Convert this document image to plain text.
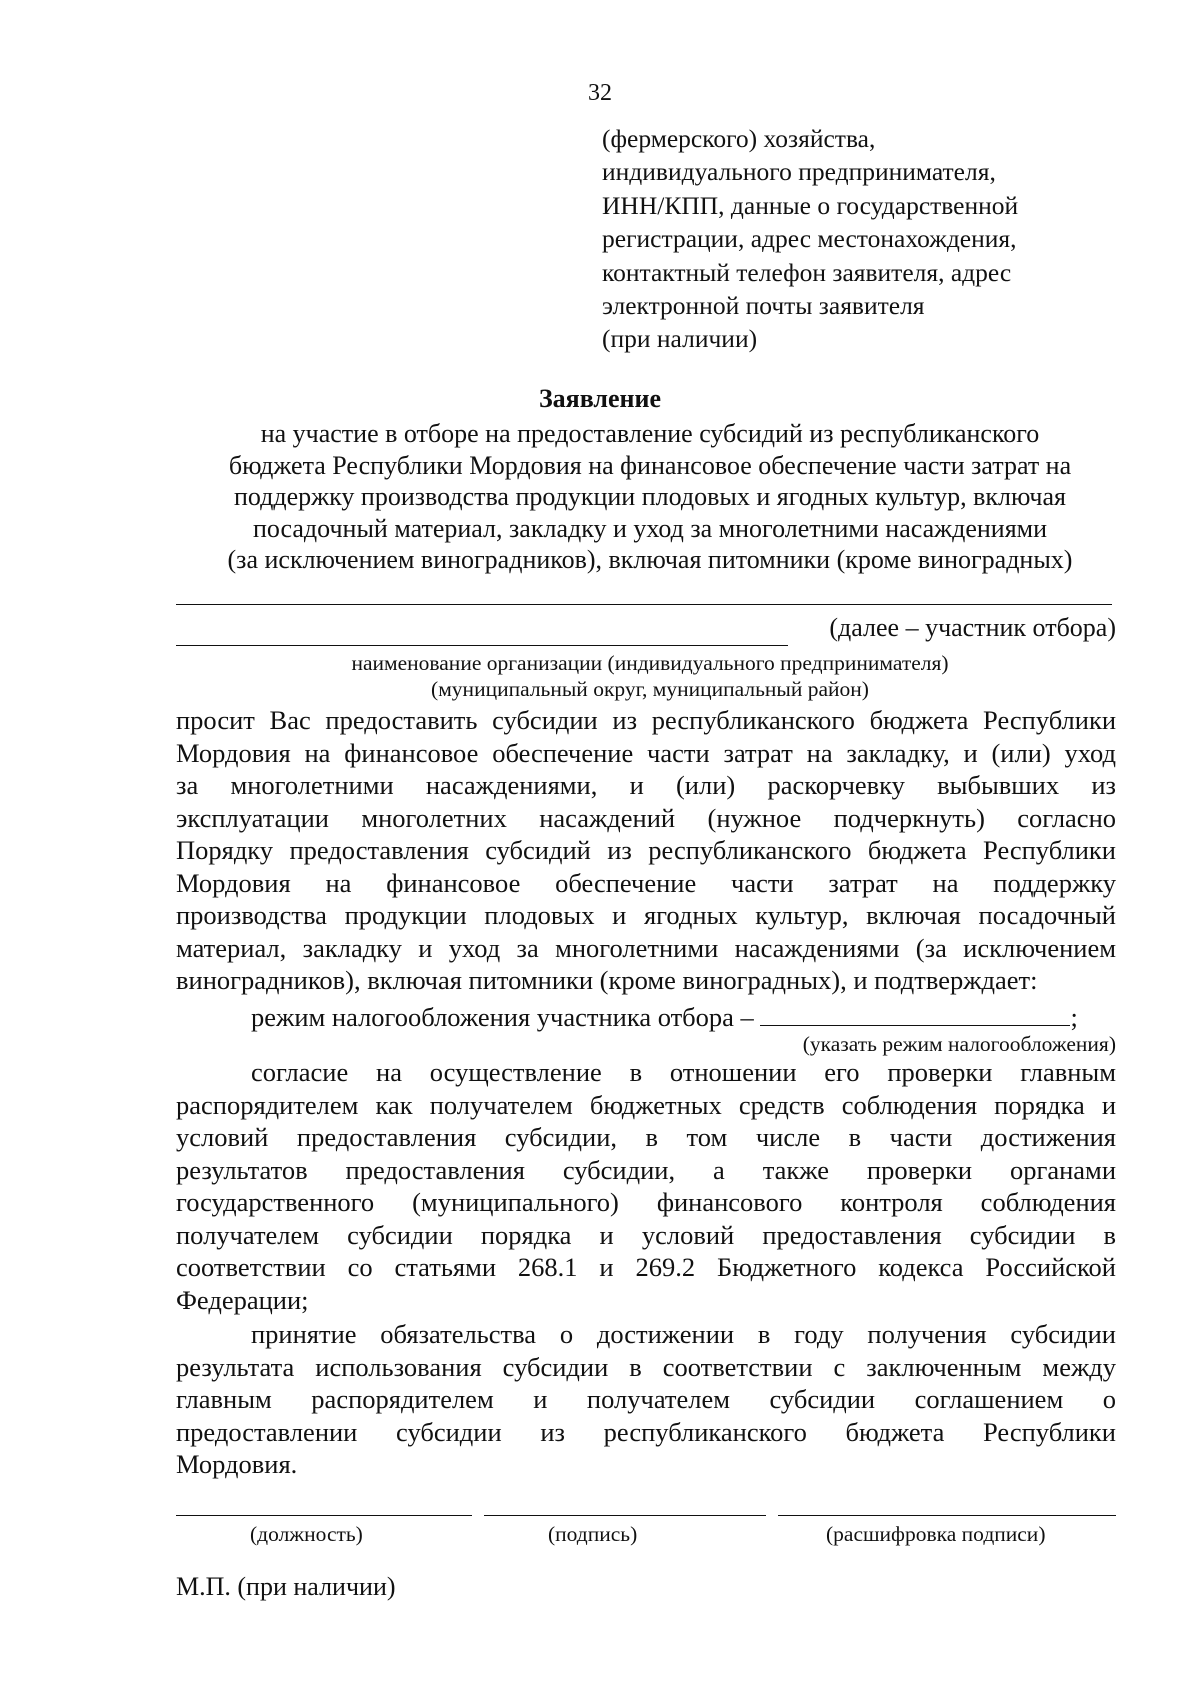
32
(фермерского) хозяйства,
индивидуального предпринимателя,
ИНН/КПП, данные о государственной
регистрации, адрес местонахождения,
контактный телефон заявителя, адрес
электронной почты заявителя
(при наличии)
Заявление
на участие в отборе на предоставление субсидий из республиканского
бюджета Республики Мордовия на финансовое обеспечение части затрат на
поддержку производства продукции плодовых и ягодных культур, включая
посадочный материал, закладку и уход за многолетними насаждениями
(за исключением виноградников), включая питомники (кроме виноградных)
(далее – участник отбора)
наименование организации (индивидуального предпринимателя)
(муниципальный округ, муниципальный район)
просит Вас предоставить субсидии из республиканского бюджета Республики
Мордовия на финансовое обеспечение части затрат на закладку, и (или) уход
за многолетними насаждениями, и (или) раскорчевку выбывших из
эксплуатации многолетних насаждений (нужное подчеркнуть) согласно
Порядку предоставления субсидий из республиканского бюджета Республики
Мордовия на финансовое обеспечение части затрат на поддержку
производства продукции плодовых и ягодных культур, включая посадочный
материал, закладку и уход за многолетними насаждениями (за исключением
виноградников), включая питомники (кроме виноградных), и подтверждает:
режим налогообложения участника отбора –	;
(указать режим налогообложения)
согласие на осуществление в отношении его проверки главным
распорядителем как получателем бюджетных средств соблюдения порядка и
условий предоставления субсидии, в том числе в части достижения
результатов предоставления субсидии, а также проверки органами
государственного (муниципального) финансового контроля соблюдения
получателем субсидии порядка и условий предоставления субсидии в
соответствии со статьями 268.1 и 269.2 Бюджетного кодекса Российской
Федерации;
принятие обязательства о достижении в году получения субсидии
результата использования субсидии в соответствии с заключенным между
главным распорядителем и получателем субсидии соглашением о
предоставлении субсидии из республиканского бюджета Республики
Мордовия.
(должность)	(подпись)	(расшифровка подписи)
М.П. (при наличии)
